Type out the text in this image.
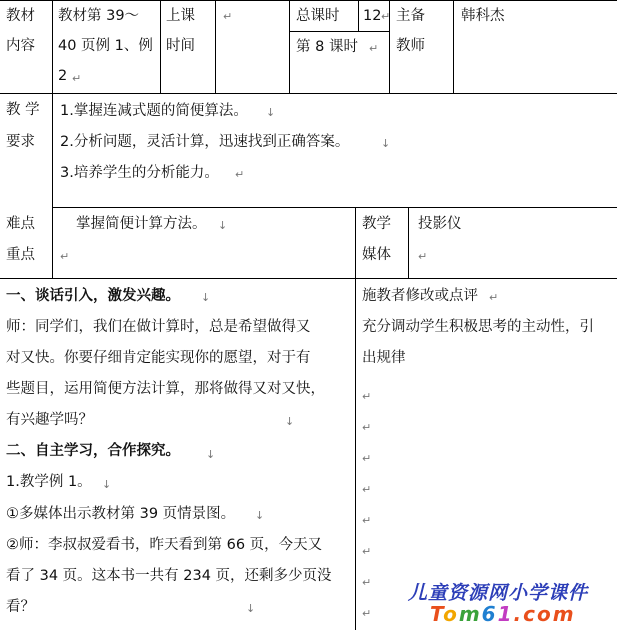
教材
内容
教材第 39～
40 页例 1、例
2 ↵
上课
时间
↵	总课时 12 ↵
第 8 课时 ↵
主备
教师
韩科杰
教 学
要求
1.掌握连减式题的简便算法。 ↓
2.分析问题，灵活计算，迅速找到正确答案。	↓
3.培养学生的分析能力。 ↵
难点
重点
掌握简便计算方法。 ↓
↵
教学
媒体
投影仪
↵
一、谈话引入，激发兴趣。
师：同学们，我们在做计算时，总是希望做得又
对又快。你要仔细肯定能实现你的愿望，对于有
些题目，运用简便方法计算，那将做得又对又快，
有兴趣学吗？
二、自主学习，合作探究。
1.教学例 1。
①多媒体出示教材第 39 页情景图。
②师：李叔叔爱看书，昨天看到第 66 页，今天又
看了 34 页。这本书一共有 234 页，还剩多少页没
看？
↓
↓
↓
↓
↓
↓
施教者修改或点评 ↵
充分调动学生积极思考的主动性，引
出规律
↵
↵
↵
↵
↵
↵
↵
↵
儿童资源网小学课件
Tom61.com
